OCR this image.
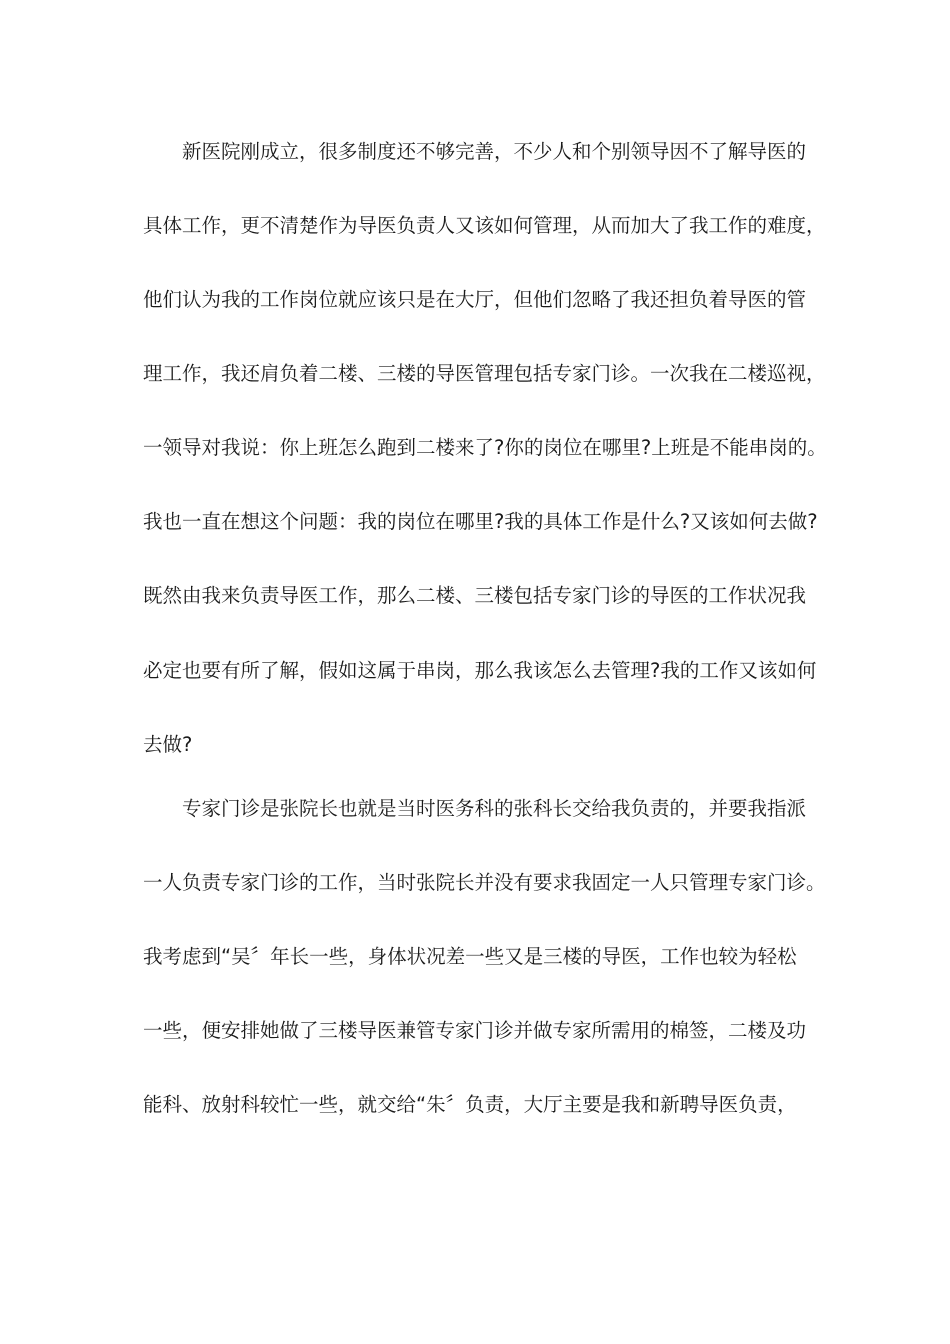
新医院刚成立，很多制度还不够完善，不少人和个别领导因不了解导医的
具体工作，更不清楚作为导医负责人又该如何管理，从而加大了我工作的难度，
他们认为我的工作岗位就应该只是在大厅，但他们忽略了我还担负着导医的管
理工作，我还肩负着二楼、三楼的导医管理包括专家门诊。一次我在二楼巡视，
一领导对我说：你上班怎么跑到二楼来了?你的岗位在哪里?上班是不能串岗的。
我也一直在想这个问题：我的岗位在哪里?我的具体工作是什么?又该如何去做?
既然由我来负责导医工作，那么二楼、三楼包括专家门诊的导医的工作状况我
必定也要有所了解，假如这属于串岗，那么我该怎么去管理?我的工作又该如何
去做?
专家门诊是张院长也就是当时医务科的张科长交给我负责的，并要我指派
一人负责专家门诊的工作，当时张院长并没有要求我固定一人只管理专家门诊。
我考虑到“吴〞年长一些，身体状况差一些又是三楼的导医，工作也较为轻松
一些，便安排她做了三楼导医兼管专家门诊并做专家所需用的棉签，二楼及功
能科、放射科较忙一些，就交给“朱〞负责，大厅主要是我和新聘导医负责，
